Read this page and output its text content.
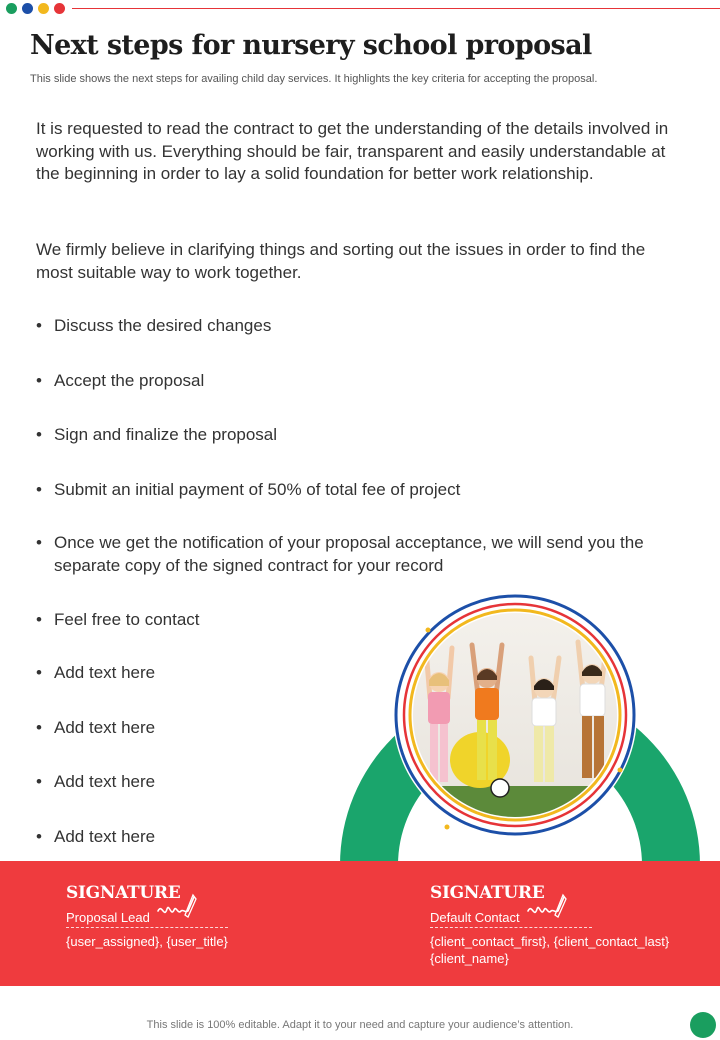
Next steps for nursery school proposal

This slide shows the next steps for availing child day services. It highlights the key criteria for accepting the proposal.

It is requested to read the contract to get the understanding of the details involved in working with us. Everything should be fair, transparent and easily understandable at the beginning in order to lay a solid foundation for better work relationship.

We firmly believe in clarifying things and sorting out the issues in order to find the most suitable way to work together.

• Discuss the desired changes
• Accept the proposal
• Sign and finalize the proposal
• Submit an initial payment of 50% of total fee of project
• Once we get the notification of your proposal acceptance, we will send you the separate copy of the signed contract for your record
• Feel free to contact
• Add text here
• Add text here
• Add text here
• Add text here
SIGNATURE
Proposal Lead
{user_assigned}, {user_title}
SIGNATURE
Default Contact
{client_contact_first}, {client_contact_last} {client_name}

This slide is 100% editable. Adapt it to your need and capture your audience’s attention.
